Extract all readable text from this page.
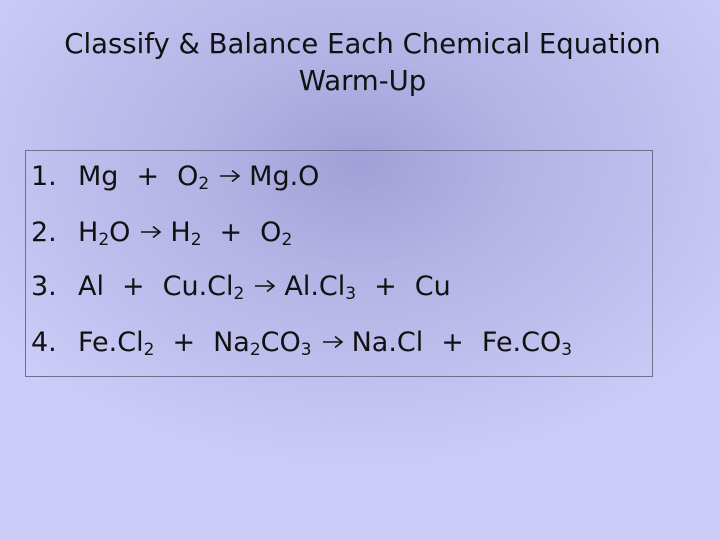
Classify & Balance Each Chemical Equation
Warm-Up
1. $Mg + O_2$ Mg.O
2. $H_2O$ $H_2 + O_2$
3. $Al + Cu.Cl_2$ $Al.Cl_3 + Cu$
4. $Fe.Cl_2 + Na_2CO_3$ $Na.Cl + Fe.CO_3$
